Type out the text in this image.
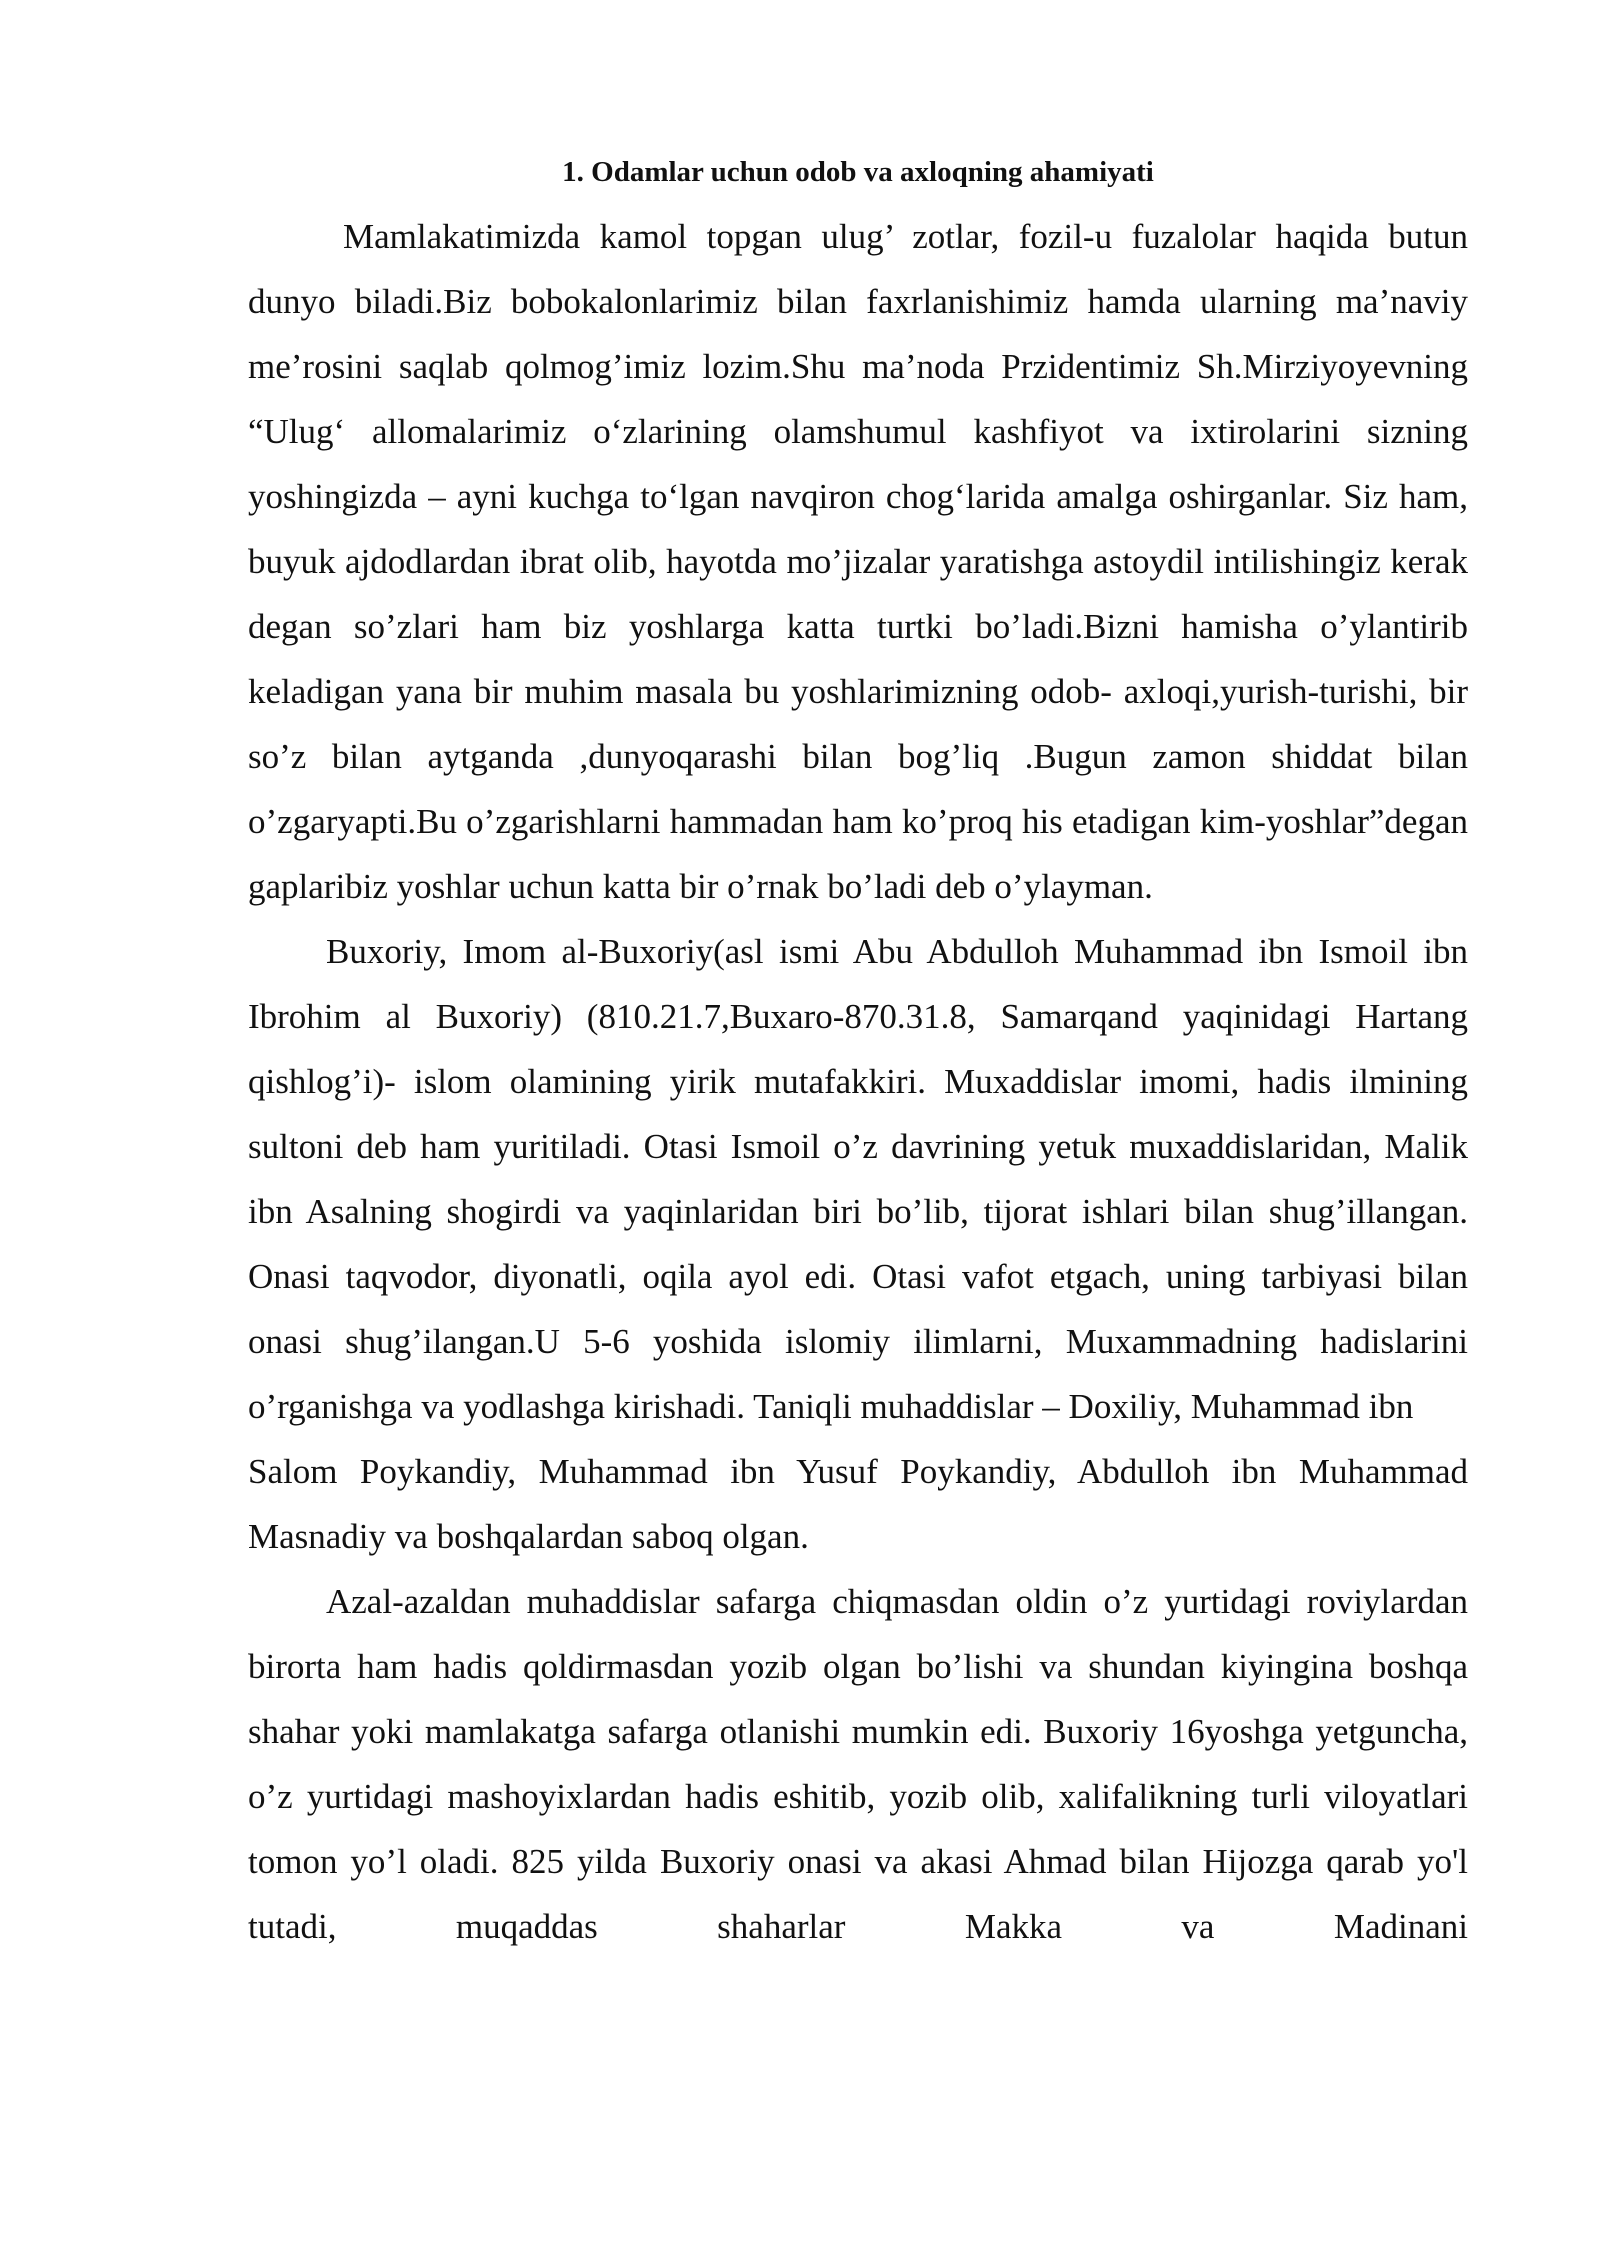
1. Odamlar uchun odob va axloqning ahamiyati

Mamlakatimizda kamol topgan ulug’ zotlar, fozil-u fuzalolar haqida butun dunyo biladi.Biz bobokalonlarimiz bilan faxrlanishimiz hamda ularning ma’naviy me’rosini saqlab qolmog’imiz lozim.Shu ma’noda Przidentimiz Sh.Mirziyoyevning “Ulug‘ allomalarimiz o‘zlarining olamshumul kashfiyot va ixtirolarini sizning yoshingizda – ayni kuchga to‘lgan navqiron chog‘larida amalga oshirganlar. Siz ham, buyuk ajdodlardan ibrat olib, hayotda mo’jizalar yaratishga astoydil intilishingiz kerak degan so’zlari ham biz yoshlarga katta turtki bo’ladi.Bizni hamisha o’ylantirib keladigan yana bir muhim masala bu yoshlarimizning odob- axloqi,yurish-turishi, bir so’z bilan aytganda ,dunyoqarashi bilan bog’liq .Bugun zamon shiddat bilan o’zgaryapti.Bu o’zgarishlarni hammadan ham ko’proq his etadigan kim-yoshlar”degan gaplaribiz yoshlar uchun katta bir o’rnak bo’ladi deb o’ylayman.

Buxoriy, Imom al-Buxoriy(asl ismi Abu Abdulloh Muhammad ibn Ismoil ibn Ibrohim al Buxoriy) (810.21.7,Buxaro-870.31.8, Samarqand yaqinidagi Hartang qishlog’i)- islom olamining yirik mutafakkiri. Muxaddislar imomi, hadis ilmining sultoni deb ham yuritiladi. Otasi Ismoil o’z davrining yetuk muxaddislaridan, Malik ibn Asalning shogirdi va yaqinlaridan biri bo’lib, tijorat ishlari bilan shug’illangan. Onasi taqvodor, diyonatli, oqila ayol edi. Otasi vafot etgach, uning tarbiyasi bilan onasi shug’ilangan.U 5-6 yoshida islomiy ilimlarni, Muxammadning hadislarini o’rganishga va yodlashga kirishadi. Taniqli muhaddislar – Doxiliy, Muhammad ibn

Salom Poykandiy, Muhammad ibn Yusuf Poykandiy, Abdulloh ibn Muhammad Masnadiy va boshqalardan saboq olgan.

Azal-azaldan muhaddislar safarga chiqmasdan oldin o’z yurtidagi roviylardan birorta ham hadis qoldirmasdan yozib olgan bo’lishi va shundan kiyingina boshqa shahar yoki mamlakatga safarga otlanishi mumkin edi. Buxoriy 16yoshga yetguncha, o’z yurtidagi mashoyixlardan hadis eshitib, yozib olib, xalifalikning turli viloyatlari tomon yo’l oladi. 825 yilda Buxoriy onasi va akasi Ahmad bilan Hijozga qarab yo'l tutadi, muqaddas shaharlar Makka va Madinani
